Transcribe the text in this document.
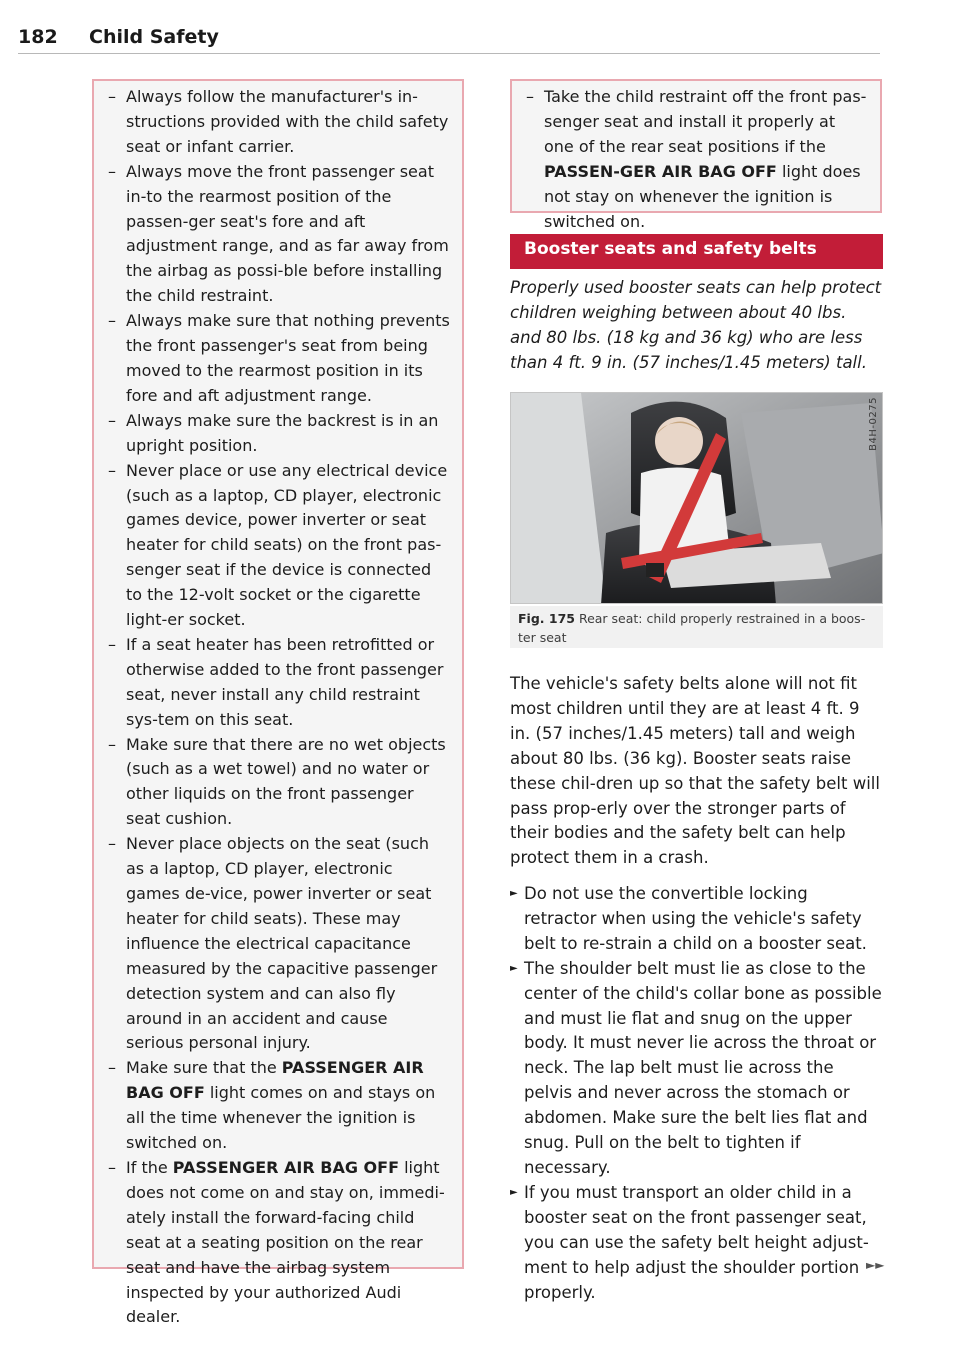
182 Child Safety
– Always follow the manufacturer's in-structions provided with the child safety seat or infant carrier.
– Always move the front passenger seat in-to the rearmost position of the passen-ger seat's fore and aft adjustment range, and as far away from the airbag as possi-ble before installing the child restraint.
– Always make sure that nothing prevents the front passenger's seat from being moved to the rearmost position in its fore and aft adjustment range.
– Always make sure the backrest is in an upright position.
– Never place or use any electrical device (such as a laptop, CD player, electronic games device, power inverter or seat heater for child seats) on the front pas-senger seat if the device is connected to the 12-volt socket or the cigarette light-er socket.
– If a seat heater has been retrofitted or otherwise added to the front passenger seat, never install any child restraint sys-tem on this seat.
– Make sure that there are no wet objects (such as a wet towel) and no water or other liquids on the front passenger seat cushion.
– Never place objects on the seat (such as a laptop, CD player, electronic games de-vice, power inverter or seat heater for child seats). These may influence the electrical capacitance measured by the capacitive passenger detection system and can also fly around in an accident and cause serious personal injury.
– Make sure that the PASSENGER AIR BAG OFF light comes on and stays on all the time whenever the ignition is switched on.
– If the PASSENGER AIR BAG OFF light does not come on and stay on, immedi-ately install the forward-facing child seat at a seating position on the rear seat and have the airbag system inspected by your authorized Audi dealer.
– Take the child restraint off the front pas-senger seat and install it properly at one of the rear seat positions if the PASSEN-GER AIR BAG OFF light does not stay on whenever the ignition is switched on.
Booster seats and safety belts

Properly used booster seats can help protect children weighing between about 40 lbs. and 80 lbs. (18 kg and 36 kg) who are less than 4 ft. 9 in. (57 inches/1.45 meters) tall.

B4H-0275
Fig. 175 Rear seat: child properly restrained in a boos-ter seat

The vehicle's safety belts alone will not fit most children until they are at least 4 ft. 9 in. (57 inches/1.45 meters) tall and weigh about 80 lbs. (36 kg). Booster seats raise these chil-dren up so that the safety belt will pass prop-erly over the stronger parts of their bodies and the safety belt can help protect them in a crash.

► Do not use the convertible locking retractor when using the vehicle's safety belt to re-strain a child on a booster seat.
► The shoulder belt must lie as close to the center of the child's collar bone as possible and must lie flat and snug on the upper body. It must never lie across the throat or neck. The lap belt must lie across the pelvis and never across the stomach or abdomen. Make sure the belt lies flat and snug. Pull on the belt to tighten if necessary.
► If you must transport an older child in a booster seat on the front passenger seat, you can use the safety belt height adjust-ment to help adjust the shoulder portion properly.
►►
